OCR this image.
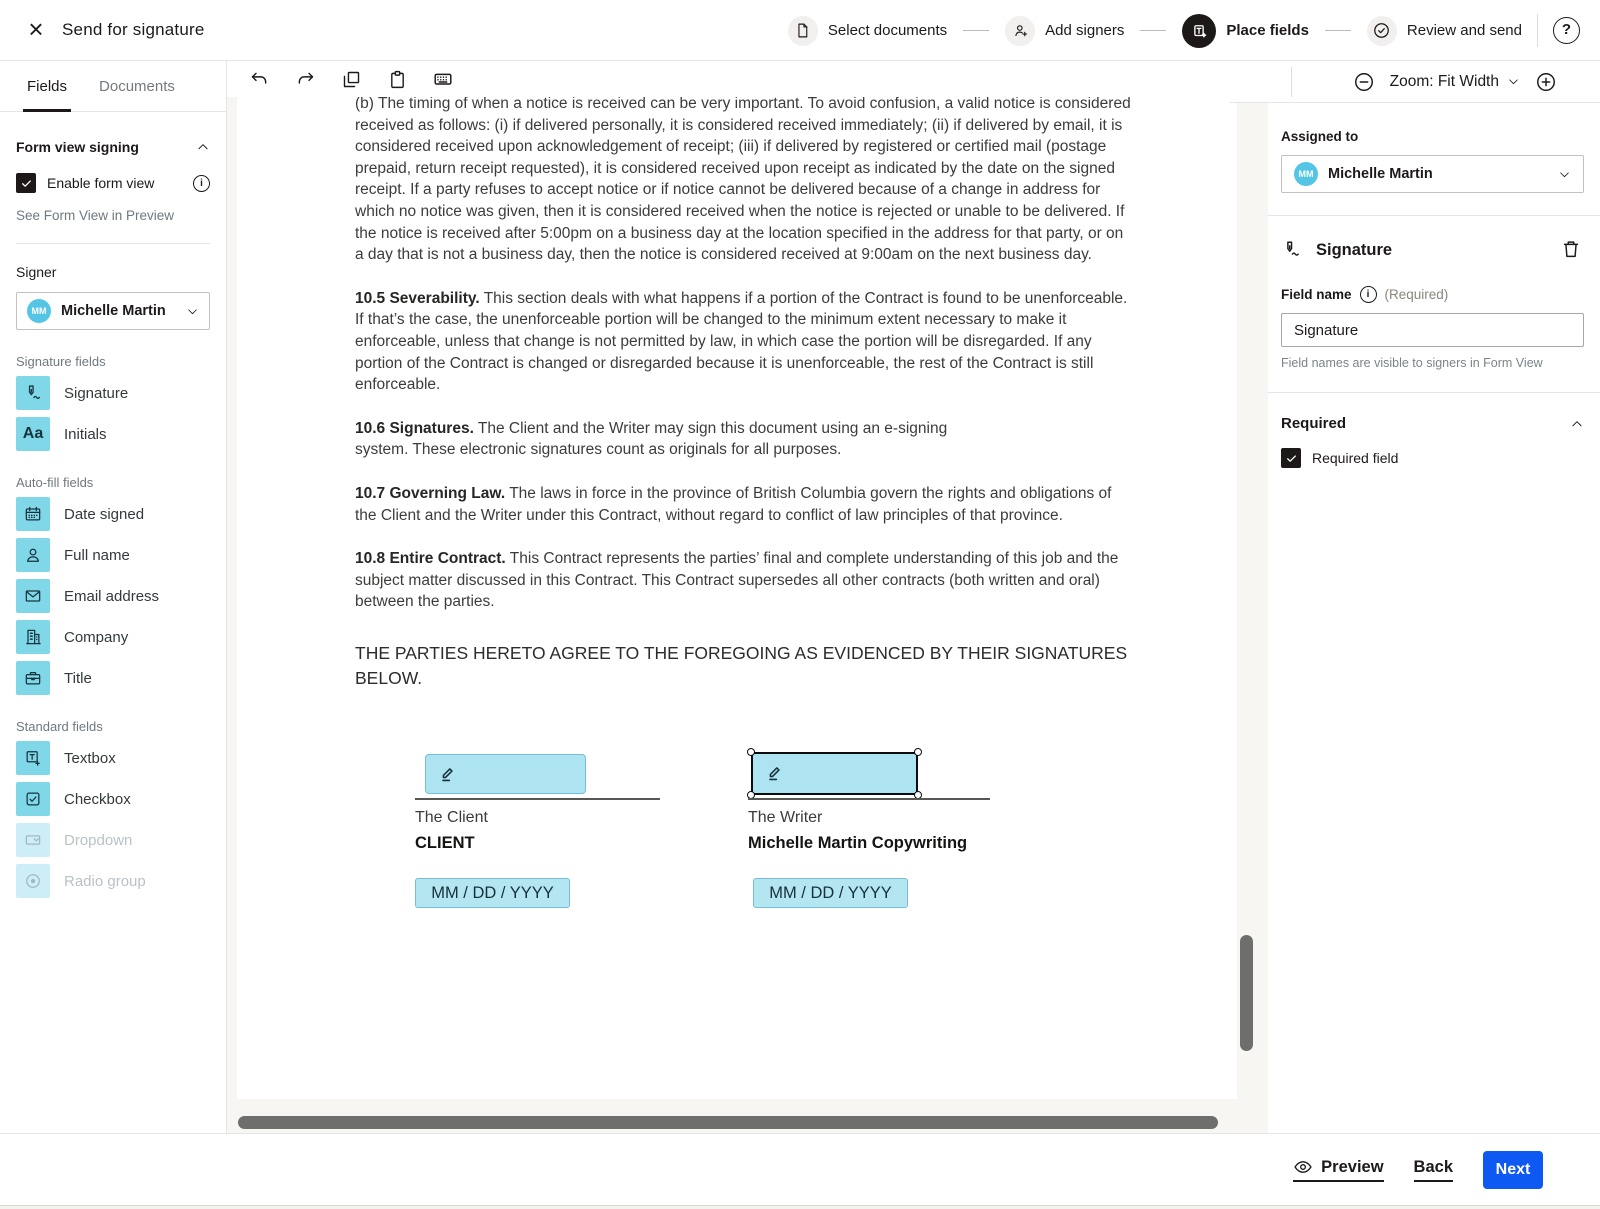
×	Send for signature	Select documents	Add signers	Place fields	Review and send	?
Fields Documents
Form view signing
Enable form view	i
See Form View in Preview
Signer
MM	Michelle Martin
Signature fields
Signature
Aa Initials
Auto-fill fields
Date signed
Full name
Email address
Company
Title
Standard fields
Textbox
Checkbox
Dropdown
Radio group

(b) The timing of when a notice is received can be very important. To avoid confusion, a valid notice is considered received as follows: (i) if delivered personally, it is considered received immediately; (ii) if delivered by email, it is considered received upon acknowledgement of receipt; (iii) if delivered by registered or certified mail (postage prepaid, return receipt requested), it is considered received upon receipt as indicated by the date on the signed receipt. If a party refuses to accept notice or if notice cannot be delivered because of a change in address for which no notice was given, then it is considered received when the notice is rejected or unable to be delivered. If the notice is received after 5:00pm on a business day at the location specified in the address for that party, or on a day that is not a business day, then the notice is considered received at 9:00am on the next business day.

10.5 Severability. This section deals with what happens if a portion of the Contract is found to be unenforceable. If that’s the case, the unenforceable portion will be changed to the minimum extent necessary to make it enforceable, unless that change is not permitted by law, in which case the portion will be disregarded. If any portion of the Contract is changed or disregarded because it is unenforceable, the rest of the Contract is still enforceable.

10.6 Signatures. The Client and the Writer may sign this document using an e-signing system. These electronic signatures count as originals for all purposes.

10.7 Governing Law. The laws in force in the province of British Columbia govern the rights and obligations of the Client and the Writer under this Contract, without regard to conflict of law principles of that province.

10.8 Entire Contract. This Contract represents the parties’ final and complete understanding of this job and the subject matter discussed in this Contract. This Contract supersedes all other contracts (both written and oral) between the parties.

THE PARTIES HERETO AGREE TO THE FOREGOING AS EVIDENCED BY THEIR SIGNATURES BELOW.

The Client
CLIENT
MM / DD / YYYY
The Writer
Michelle Martin Copywriting
MM / DD / YYYY
Zoom: Fit Width
Assigned to
MM	Michelle Martin
Signature
Field name	i	(Required)
Signature
Field names are visible to signers in Form View
Required
Required field
Preview Back	Next
